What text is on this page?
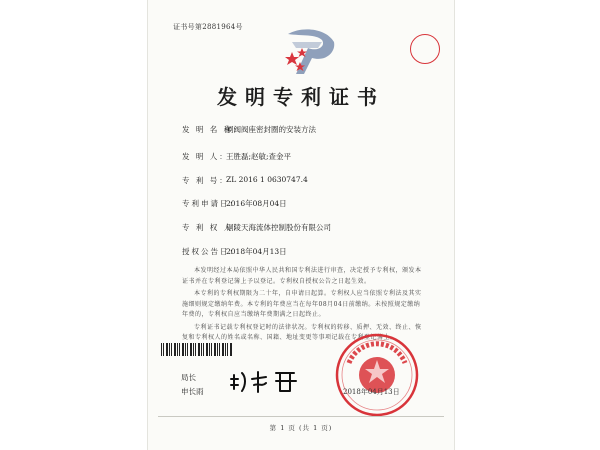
证书号第2881964号
发明专利证书
发 明 名 称：
闸阀阀座密封圈的安装方法
发 明 人：
王胜磊;赵敏;查金平
专 利 号：
ZL 2016 1 0630747.4
专利申请日：
2016年08月04日
专 利 权 人：
铜陵天海流体控制股份有限公司
授权公告日：
2018年04月13日

本发明经过本局依照中华人民共和国专利法进行审查，决定授予专利权，颁发本证书并在专利登记簿上予以登记。专利权自授权公告之日起生效。

本专利的专利权期限为二十年，自申请日起算。专利权人应当依照专利法及其实施细则规定缴纳年费。本专利的年费应当在每年08月04日前缴纳。未按照规定缴纳年费的，专利权自应当缴纳年费期满之日起终止。

专利证书记载专利权登记时的法律状况。专利权的转移、质押、无效、终止、恢复和专利权人的姓名或名称、国籍、地址变更等事项记载在专利登记簿上。

局长
申长雨	2018年04月13日
第 1 页 (共 1 页)
